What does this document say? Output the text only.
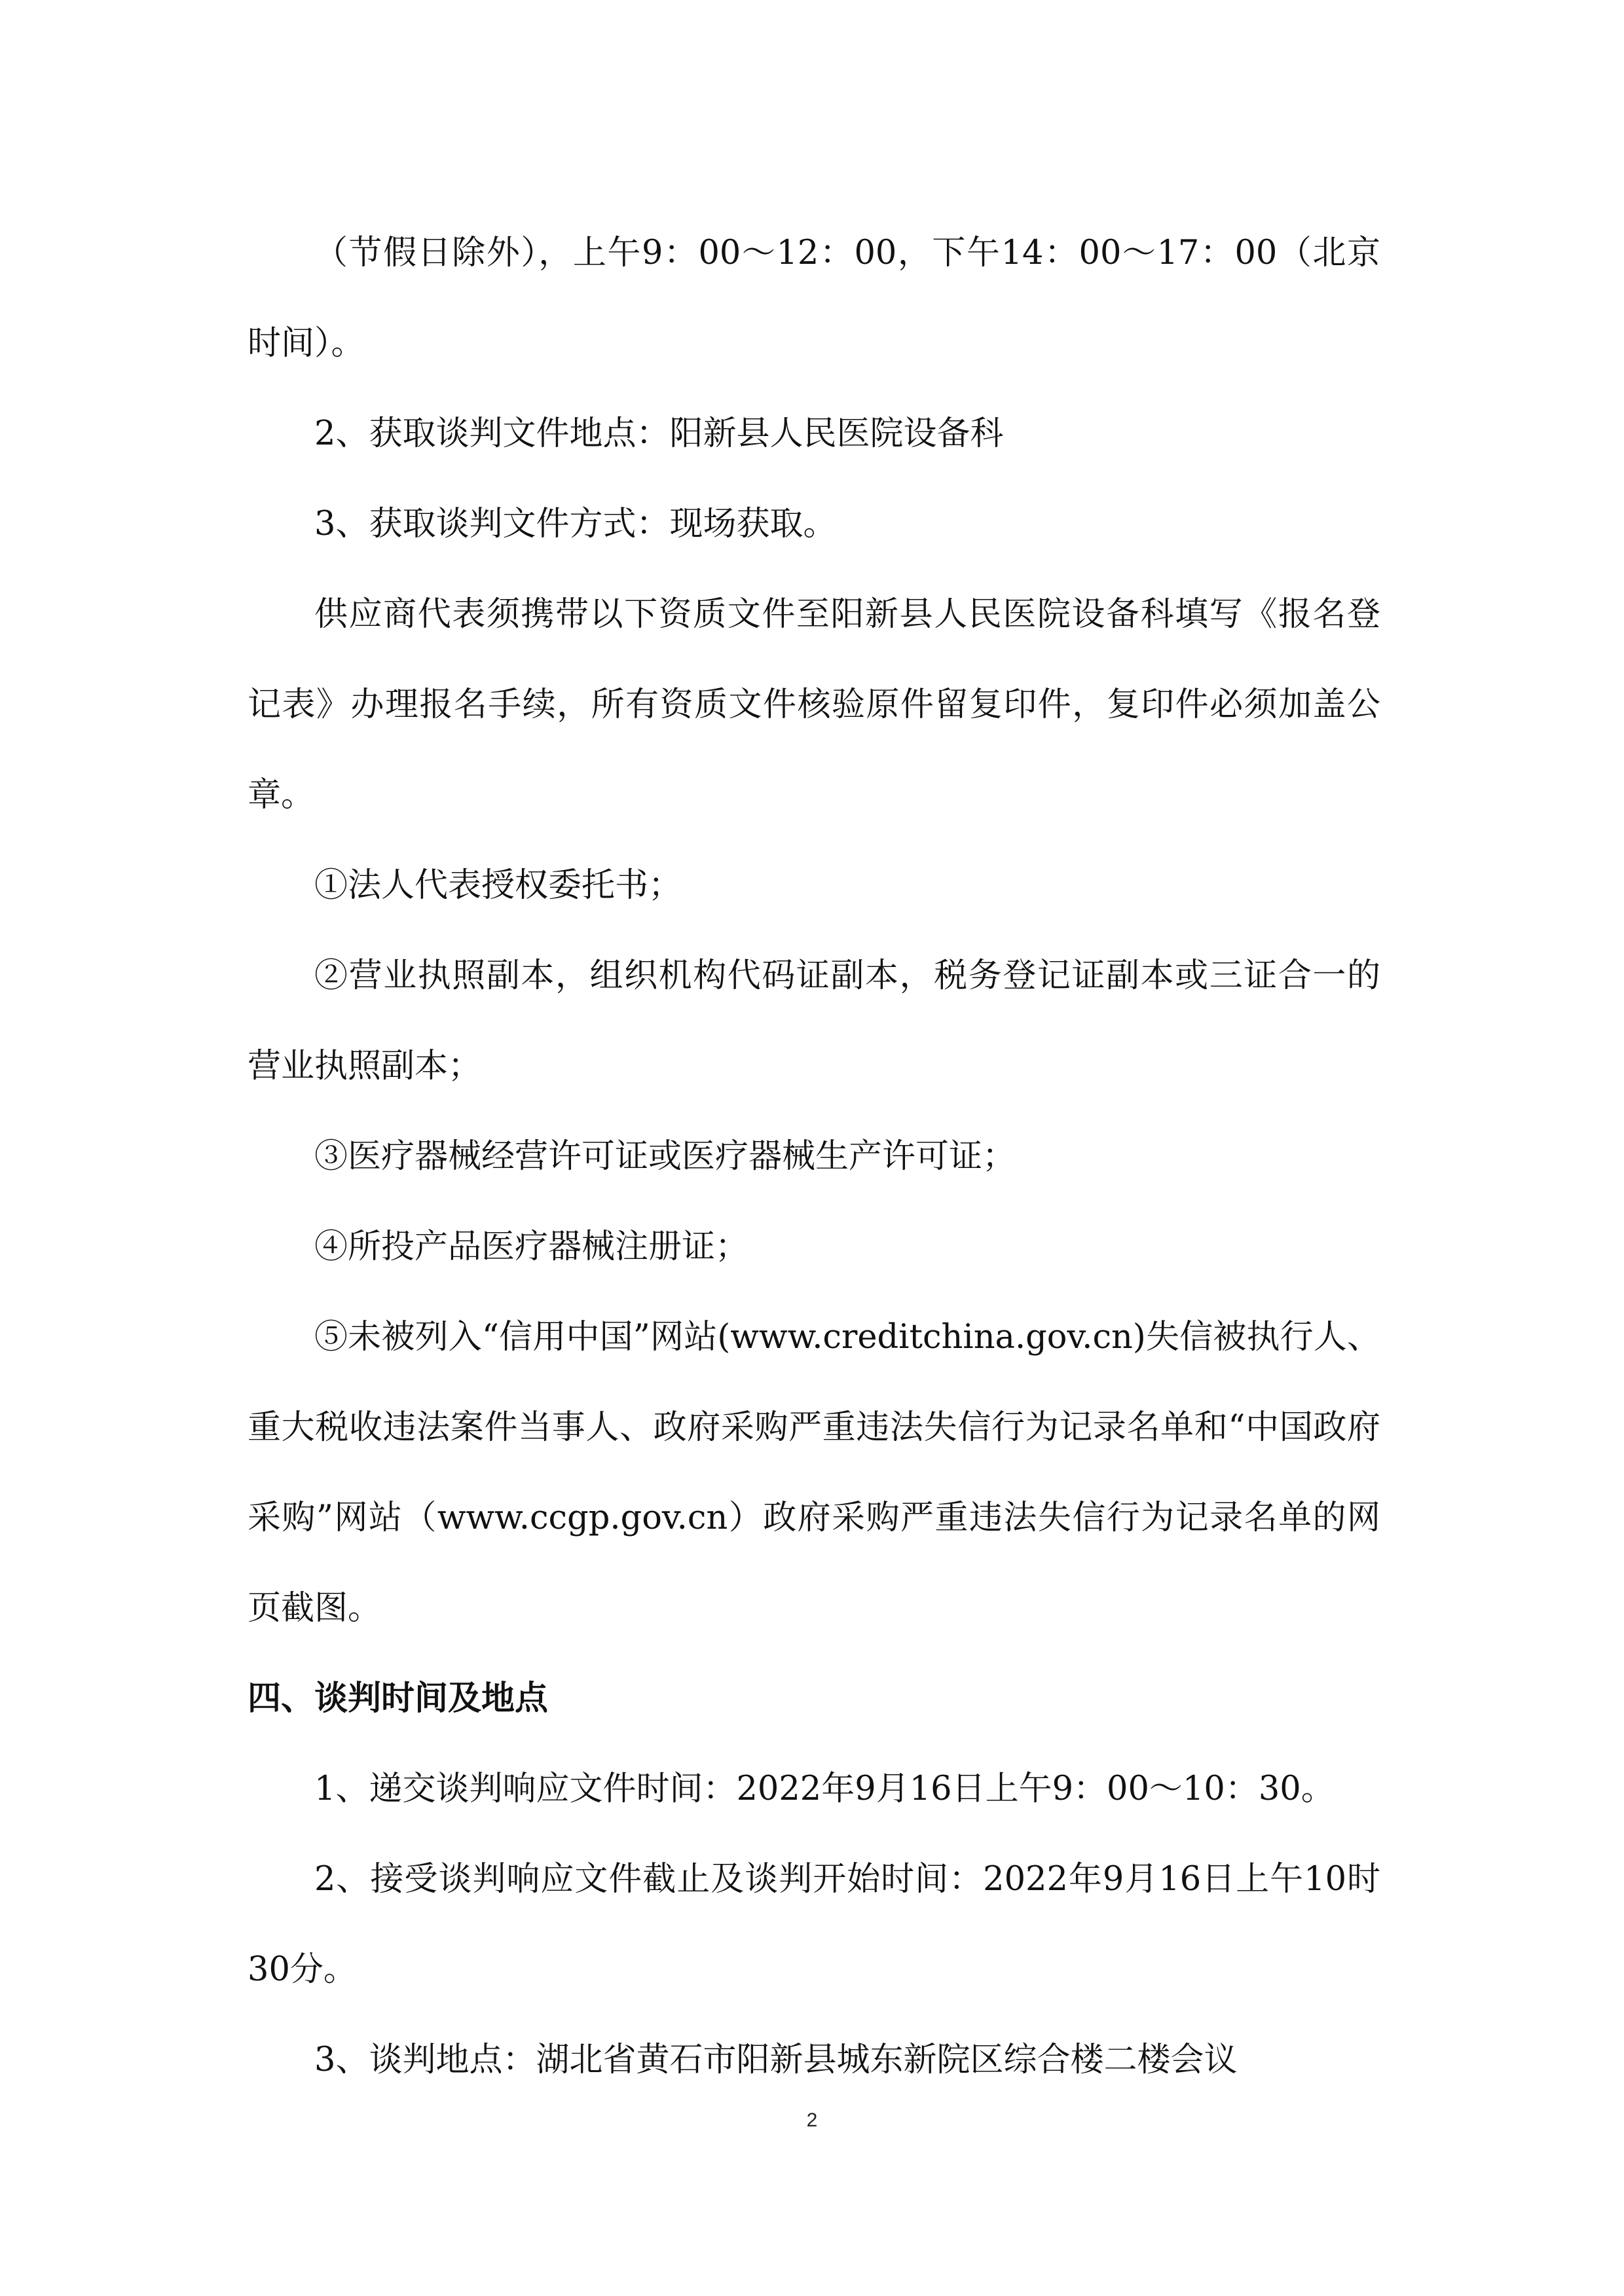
（节假日除外），上午9：00～12：00，下午14：00～17：00（北京时间）。

2、获取谈判文件地点：阳新县人民医院设备科

3、获取谈判文件方式：现场获取。

供应商代表须携带以下资质文件至阳新县人民医院设备科填写《报名登记表》办理报名手续，所有资质文件核验原件留复印件，复印件必须加盖公章。

①法人代表授权委托书；

②营业执照副本，组织机构代码证副本，税务登记证副本或三证合一的营业执照副本；

③医疗器械经营许可证或医疗器械生产许可证；

④所投产品医疗器械注册证；

⑤未被列入“信用中国”网站(www.creditchina.gov.cn)失信被执行人、重大税收违法案件当事人、政府采购严重违法失信行为记录名单和“中国政府采购”网站（www.ccgp.gov.cn）政府采购严重违法失信行为记录名单的网页截图。

四、谈判时间及地点

1、递交谈判响应文件时间：2022年9月16日上午9：00～10：30。

2、接受谈判响应文件截止及谈判开始时间：2022年9月16日上午10时30分。

3、谈判地点：湖北省黄石市阳新县城东新院区综合楼二楼会议

2
